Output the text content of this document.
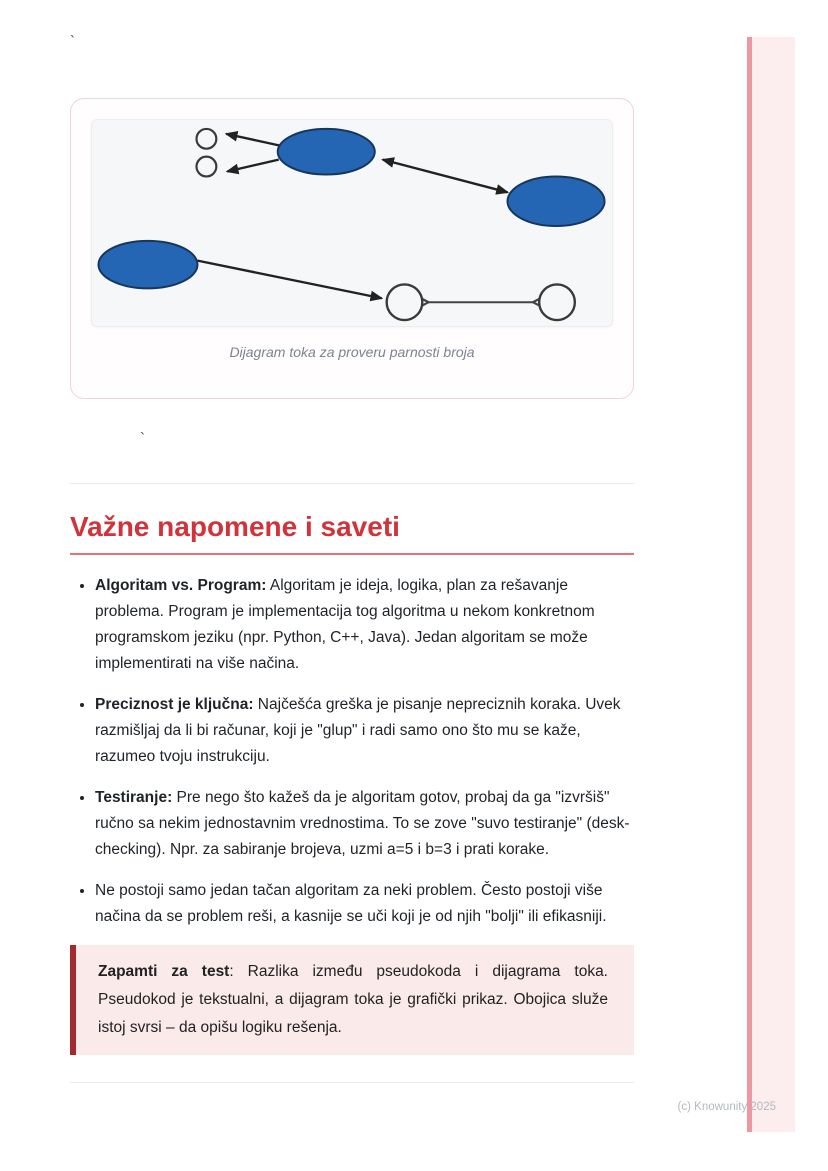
`
Dijagram toka za proveru parnosti broja
`
Važne napomene i saveti
• Algoritam vs. Program: Algoritam je ideja, logika, plan za rešavanje problema. Program je implementacija tog algoritma u nekom konkretnom programskom jeziku (npr. Python, C++, Java). Jedan algoritam se može implementirati na više načina.
• Preciznost je ključna: Najčešća greška je pisanje nepreciznih koraka. Uvek razmišljaj da li bi računar, koji je "glup" i radi samo ono što mu se kaže, razumeo tvoju instrukciju.
• Testiranje: Pre nego što kažeš da je algoritam gotov, probaj da ga "izvršiš" ručno sa nekim jednostavnim vrednostima. To se zove "suvo testiranje" (desk-checking). Npr. za sabiranje brojeva, uzmi a=5 i b=3 i prati korake.
• Ne postoji samo jedan tačan algoritam za neki problem. Često postoji više načina da se problem reši, a kasnije se uči koji je od njih "bolji" ili efikasniji.
Zapamti za test: Razlika između pseudokoda i dijagrama toka. Pseudokod je tekstualni, a dijagram toka je grafički prikaz. Obojica služe istoj svrsi – da opišu logiku rešenja.
(c) Knowunity 2025
